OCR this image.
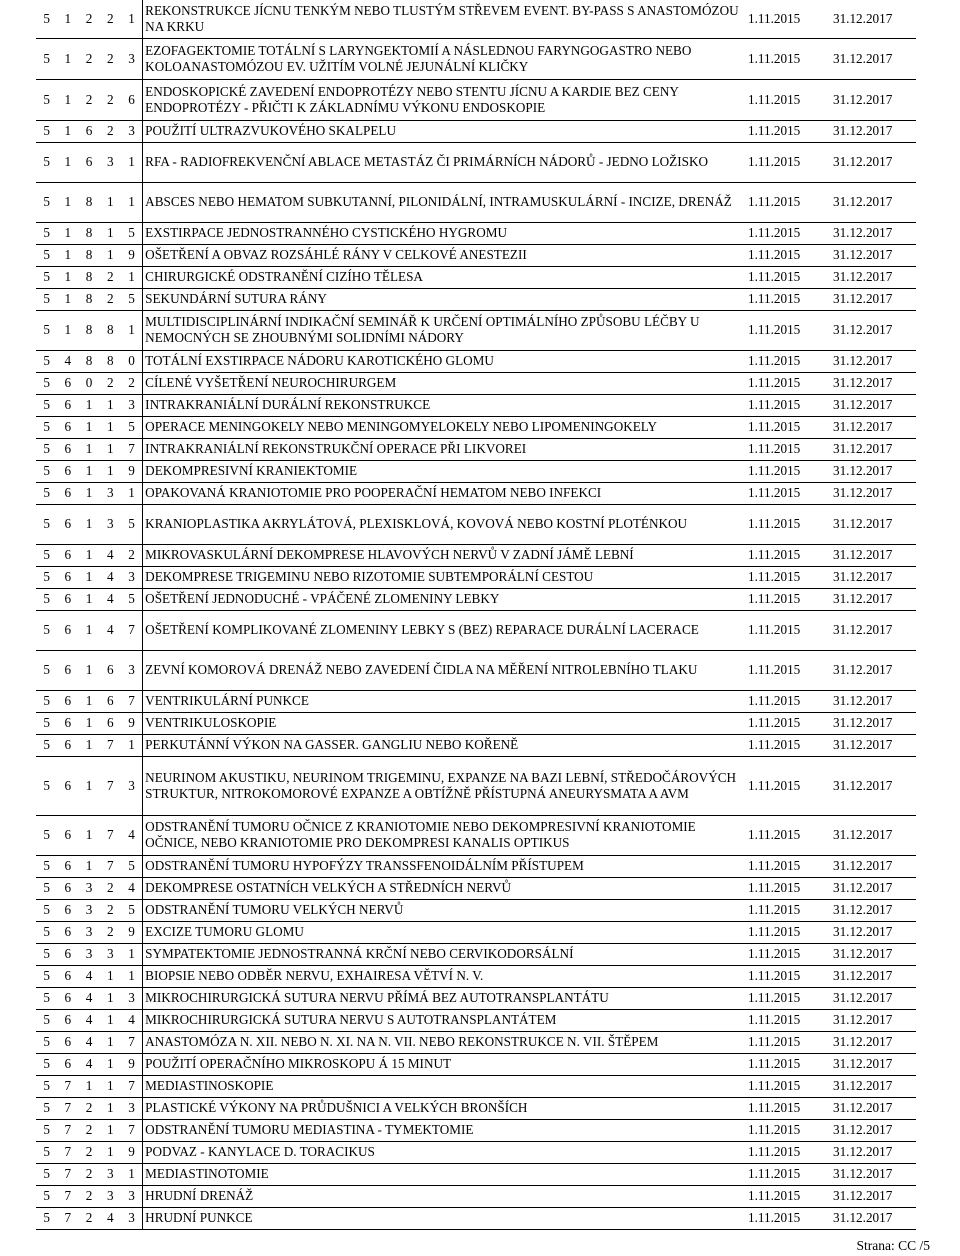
5	1	2	2	1	REKONSTRUKCE JÍCNU TENKÝM NEBO TLUSTÝM STŘEVEM EVENT. BY-PASS S ANASTOMÓZOU NA KRKU	1.11.2015	31.12.2017
5	1	2	2	3	EZOFAGEKTOMIE TOTÁLNÍ S LARYNGEKTOMIÍ A NÁSLEDNOU FARYNGOGASTRO NEBO KOLOANASTOMÓZOU EV. UŽITÍM VOLNÉ JEJUNÁLNÍ KLIČKY	1.11.2015	31.12.2017
5	1	2	2	6	ENDOSKOPICKÉ ZAVEDENÍ ENDOPROTÉZY NEBO STENTU JÍCNU A KARDIE BEZ CENY ENDOPROTÉZY - PŘIČTI K ZÁKLADNÍMU VÝKONU ENDOSKOPIE	1.11.2015	31.12.2017
5	1	6	2	3	POUŽITÍ ULTRAZVUKOVÉHO SKALPELU	1.11.2015	31.12.2017
5	1	6	3	1	RFA - RADIOFREKVENČNÍ ABLACE METASTÁZ ČI PRIMÁRNÍCH NÁDORŮ - JEDNO LOŽISKO	1.11.2015	31.12.2017
5	1	8	1	1	ABSCES NEBO HEMATOM SUBKUTANNÍ, PILONIDÁLNÍ, INTRAMUSKULÁRNÍ - INCIZE, DRENÁŽ	1.11.2015	31.12.2017
5	1	8	1	5	EXSTIRPACE JEDNOSTRANNÉHO CYSTICKÉHO HYGROMU	1.11.2015	31.12.2017
5	1	8	1	9	OŠETŘENÍ A OBVAZ ROZSÁHLÉ RÁNY V CELKOVÉ ANESTEZII	1.11.2015	31.12.2017
5	1	8	2	1	CHIRURGICKÉ ODSTRANĚNÍ CIZÍHO TĚLESA	1.11.2015	31.12.2017
5	1	8	2	5	SEKUNDÁRNÍ SUTURA RÁNY	1.11.2015	31.12.2017
5	1	8	8	1	MULTIDISCIPLINÁRNÍ INDIKAČNÍ SEMINÁŘ K URČENÍ OPTIMÁLNÍHO ZPŮSOBU LÉČBY U NEMOCNÝCH SE ZHOUBNÝMI SOLIDNÍMI NÁDORY	1.11.2015	31.12.2017
5	4	8	8	0	TOTÁLNÍ EXSTIRPACE NÁDORU KAROTICKÉHO GLOMU	1.11.2015	31.12.2017
5	6	0	2	2	CÍLENÉ VYŠETŘENÍ NEUROCHIRURGEM	1.11.2015	31.12.2017
5	6	1	1	3	INTRAKRANIÁLNÍ DURÁLNÍ REKONSTRUKCE	1.11.2015	31.12.2017
5	6	1	1	5	OPERACE MENINGOKELY NEBO MENINGOMYELOKELY NEBO LIPOMENINGOKELY	1.11.2015	31.12.2017
5	6	1	1	7	INTRAKRANIÁLNÍ REKONSTRUKČNÍ OPERACE PŘI LIKVOREI	1.11.2015	31.12.2017
5	6	1	1	9	DEKOMPRESIVNÍ KRANIEKTOMIE	1.11.2015	31.12.2017
5	6	1	3	1	OPAKOVANÁ KRANIOTOMIE PRO POOPERAČNÍ HEMATOM NEBO INFEKCI	1.11.2015	31.12.2017
5	6	1	3	5	KRANIOPLASTIKA AKRYLÁTOVÁ, PLEXISKLOVÁ, KOVOVÁ NEBO KOSTNÍ PLOTÉNKOU	1.11.2015	31.12.2017
5	6	1	4	2	MIKROVASKULÁRNÍ DEKOMPRESE HLAVOVÝCH NERVŮ V ZADNÍ JÁMĚ LEBNÍ	1.11.2015	31.12.2017
5	6	1	4	3	DEKOMPRESE TRIGEMINU NEBO RIZOTOMIE SUBTEMPORÁLNÍ CESTOU	1.11.2015	31.12.2017
5	6	1	4	5	OŠETŘENÍ JEDNODUCHÉ - VPÁČENÉ ZLOMENINY LEBKY	1.11.2015	31.12.2017
5	6	1	4	7	OŠETŘENÍ KOMPLIKOVANÉ ZLOMENINY LEBKY S (BEZ) REPARACE DURÁLNÍ LACERACE	1.11.2015	31.12.2017
5	6	1	6	3	ZEVNÍ KOMOROVÁ DRENÁŽ NEBO ZAVEDENÍ ČIDLA NA MĚŘENÍ NITROLEBNÍHO TLAKU	1.11.2015	31.12.2017
5	6	1	6	7	VENTRIKULÁRNÍ PUNKCE	1.11.2015	31.12.2017
5	6	1	6	9	VENTRIKULOSKOPIE	1.11.2015	31.12.2017
5	6	1	7	1	PERKUTÁNNÍ VÝKON NA GASSER. GANGLIU NEBO KOŘENĚ	1.11.2015	31.12.2017
5	6	1	7	3	NEURINOM AKUSTIKU, NEURINOM TRIGEMINU, EXPANZE NA BAZI LEBNÍ, STŘEDOČÁROVÝCH STRUKTUR, NITROKOMOROVÉ EXPANZE A OBTÍŽNĚ PŘÍSTUPNÁ ANEURYSMATA A AVM	1.11.2015	31.12.2017
5	6	1	7	4	ODSTRANĚNÍ TUMORU OČNICE Z KRANIOTOMIE NEBO DEKOMPRESIVNÍ KRANIOTOMIE OČNICE, NEBO KRANIOTOMIE PRO DEKOMPRESI KANALIS OPTIKUS	1.11.2015	31.12.2017
5	6	1	7	5	ODSTRANĚNÍ TUMORU HYPOFÝZY TRANSSFENOIDÁLNÍM PŘÍSTUPEM	1.11.2015	31.12.2017
5	6	3	2	4	DEKOMPRESE OSTATNÍCH VELKÝCH A STŘEDNÍCH NERVŮ	1.11.2015	31.12.2017
5	6	3	2	5	ODSTRANĚNÍ TUMORU VELKÝCH NERVŮ	1.11.2015	31.12.2017
5	6	3	2	9	EXCIZE TUMORU GLOMU	1.11.2015	31.12.2017
5	6	3	3	1	SYMPATEKTOMIE JEDNOSTRANNÁ KRČNÍ NEBO CERVIKODORSÁLNÍ	1.11.2015	31.12.2017
5	6	4	1	1	BIOPSIE NEBO ODBĚR NERVU, EXHAIRESA VĚTVÍ N. V.	1.11.2015	31.12.2017
5	6	4	1	3	MIKROCHIRURGICKÁ SUTURA NERVU PŘÍMÁ BEZ AUTOTRANSPLANTÁTU	1.11.2015	31.12.2017
5	6	4	1	4	MIKROCHIRURGICKÁ SUTURA NERVU S AUTOTRANSPLANTÁTEM	1.11.2015	31.12.2017
5	6	4	1	7	ANASTOMÓZA N. XII. NEBO N. XI. NA N. VII. NEBO REKONSTRUKCE N. VII. ŠTĚPEM	1.11.2015	31.12.2017
5	6	4	1	9	POUŽITÍ OPERAČNÍHO MIKROSKOPU Á 15 MINUT	1.11.2015	31.12.2017
5	7	1	1	7	MEDIASTINOSKOPIE	1.11.2015	31.12.2017
5	7	2	1	3	PLASTICKÉ VÝKONY NA PRŮDUŠNICI A VELKÝCH BRONŠÍCH	1.11.2015	31.12.2017
5	7	2	1	7	ODSTRANĚNÍ TUMORU MEDIASTINA - TYMEKTOMIE	1.11.2015	31.12.2017
5	7	2	1	9	PODVAZ - KANYLACE D. TORACIKUS	1.11.2015	31.12.2017
5	7	2	3	1	MEDIASTINOTOMIE	1.11.2015	31.12.2017
5	7	2	3	3	HRUDNÍ DRENÁŽ	1.11.2015	31.12.2017
5	7	2	4	3	HRUDNÍ PUNKCE	1.11.2015	31.12.2017
Strana: CC /5
